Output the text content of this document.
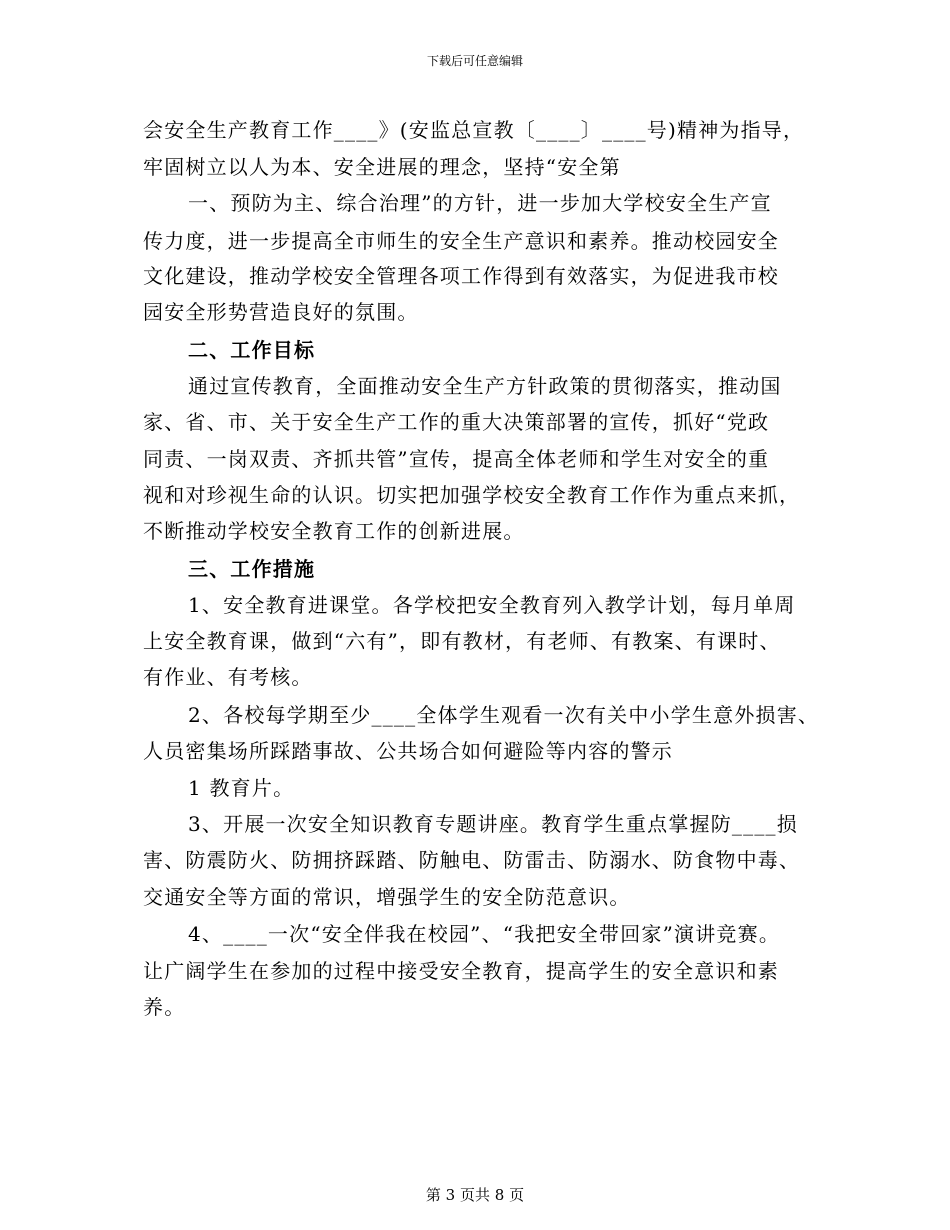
下载后可任意编辑
会安全生产教育工作____》(安监总宣教〔____〕____号)精神为指导，
牢固树立以人为本、安全进展的理念，坚持“安全第
一、预防为主、综合治理”的方针，进一步加大学校安全生产宣
传力度，进一步提高全市师生的安全生产意识和素养。推动校园安全
文化建设，推动学校安全管理各项工作得到有效落实，为促进我市校
园安全形势营造良好的氛围。
二、工作目标
通过宣传教育，全面推动安全生产方针政策的贯彻落实，推动国
家、省、市、关于安全生产工作的重大决策部署的宣传，抓好“党政
同责、一岗双责、齐抓共管”宣传，提高全体老师和学生对安全的重
视和对珍视生命的认识。切实把加强学校安全教育工作作为重点来抓，
不断推动学校安全教育工作的创新进展。
三、工作措施
1、安全教育进课堂。各学校把安全教育列入教学计划，每月单周
上安全教育课，做到“六有”，即有教材，有老师、有教案、有课时、
有作业、有考核。
2、各校每学期至少____全体学生观看一次有关中小学生意外损害、
人员密集场所踩踏事故、公共场合如何避险等内容的警示
1 教育片。
3、开展一次安全知识教育专题讲座。教育学生重点掌握防____损
害、防震防火、防拥挤踩踏、防触电、防雷击、防溺水、防食物中毒、
交通安全等方面的常识，增强学生的安全防范意识。
4、____一次“安全伴我在校园”、“我把安全带回家”演讲竞赛。
让广阔学生在参加的过程中接受安全教育，提高学生的安全意识和素
养。
第 3 页共 8 页
